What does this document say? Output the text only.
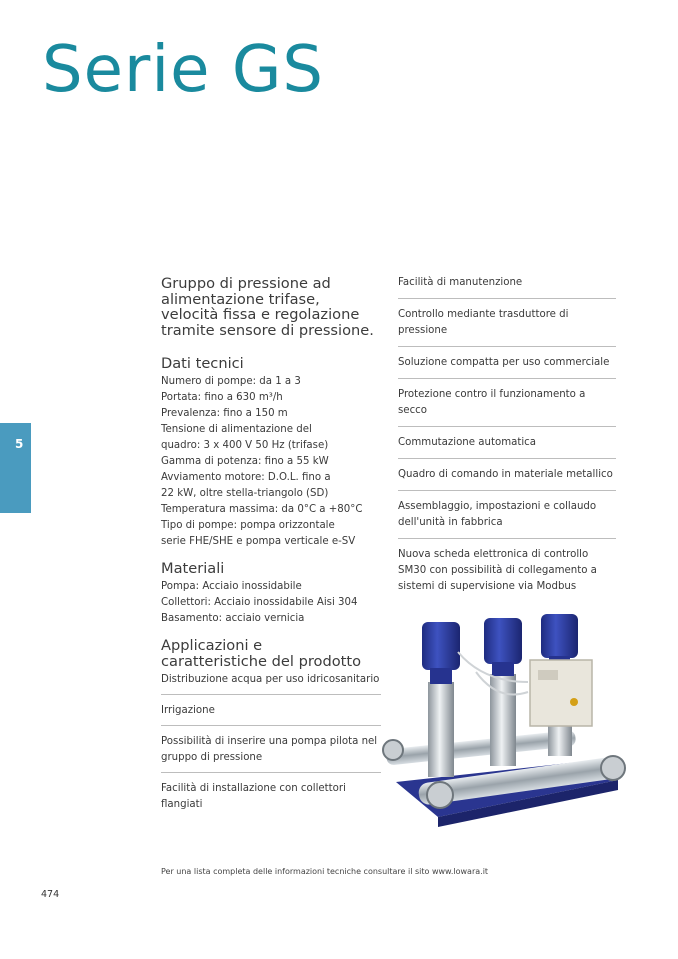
Serie GS
5

Gruppo di pressione ad alimentazione trifase, velocità fissa e regolazione tramite sensore di pressione.

Dati tecnici

Numero di pompe: da 1 a 3

Portata: fino a 630 m³/h

Prevalenza: fino a 150 m

Tensione di alimentazione del

quadro: 3 x 400 V 50 Hz (trifase)

Gamma di potenza: fino a 55 kW

Avviamento motore: D.O.L. fino a

22 kW, oltre stella-triangolo (SD)

Temperatura massima: da 0°C a +80°C

Tipo di pompe: pompa orizzontale

serie FHE/SHE e pompa verticale e-SV

Materiali

Pompa: Acciaio inossidabile

Collettori: Acciaio inossidabile Aisi 304

Basamento: acciaio vernicia

Applicazioni e
caratteristiche del prodotto
Distribuzione acqua per uso idricosanitario
Irrigazione
Possibilità di inserire una pompa pilota nel gruppo di pressione
Facilità di installazione con collettori flangiati
Facilità di manutenzione
Controllo mediante trasduttore di pressione
Soluzione compatta per uso commerciale
Protezione contro il funzionamento a secco
Commutazione automatica
Quadro di comando in materiale metallico
Assemblaggio, impostazioni e collaudo dell'unità in fabbrica
Nuova scheda elettronica di controllo SM30 con possibilità di collegamento a sistemi di supervisione via Modbus
Per una lista completa delle informazioni tecniche consultare il sito www.lowara.it
474
